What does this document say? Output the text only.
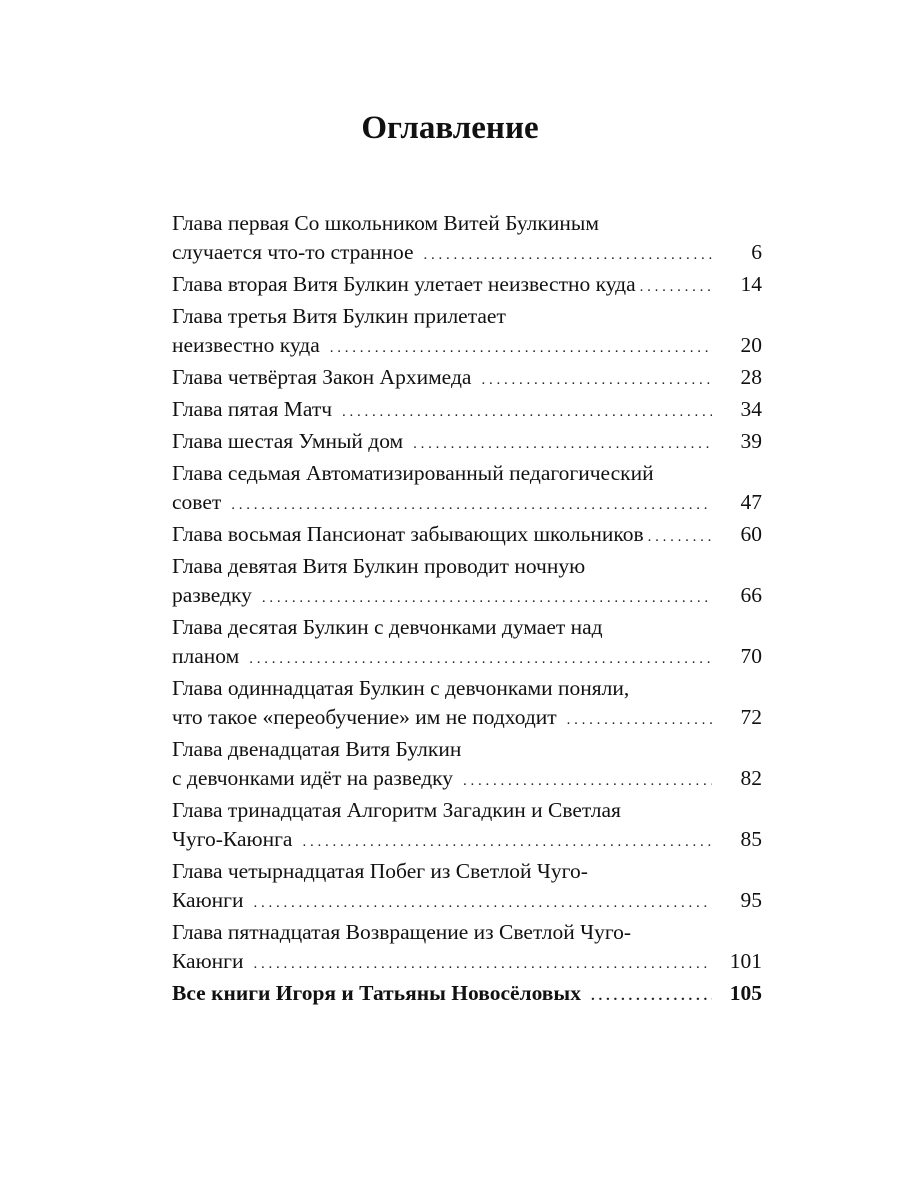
Оглавление
Глава первая Со школьником Витей Булкиным
случается что-то странное . . .	6
Глава вторая Витя Булкин улетает неизвестно куда . . .	14
Глава третья Витя Булкин прилетает
неизвестно куда . . .	20
Глава четвёртая Закон Архимеда . . .	28
Глава пятая Матч . . .	34
Глава шестая Умный дом . . .	39
Глава седьмая Автоматизированный педагогический
совет . . .	47
Глава восьмая Пансионат забывающих школьников . . .	60
Глава девятая Витя Булкин проводит ночную
разведку . . .	66
Глава десятая Булкин с девчонками думает над
планом . . .	70
Глава одиннадцатая Булкин с девчонками поняли,
что такое «переобучение» им не подходит . . .	72
Глава двенадцатая Витя Булкин
с девчонками идёт на разведку . . .	82
Глава тринадцатая Алгоритм Загадкин и Светлая
Чуго-Каюнга . . .	85
Глава четырнадцатая Побег из Светлой Чуго-
Каюнги . . .	95
Глава пятнадцатая Возвращение из Светлой Чуго-
Каюнги . . .	101
Все книги Игоря и Татьяны Новосёловых . . .	105
